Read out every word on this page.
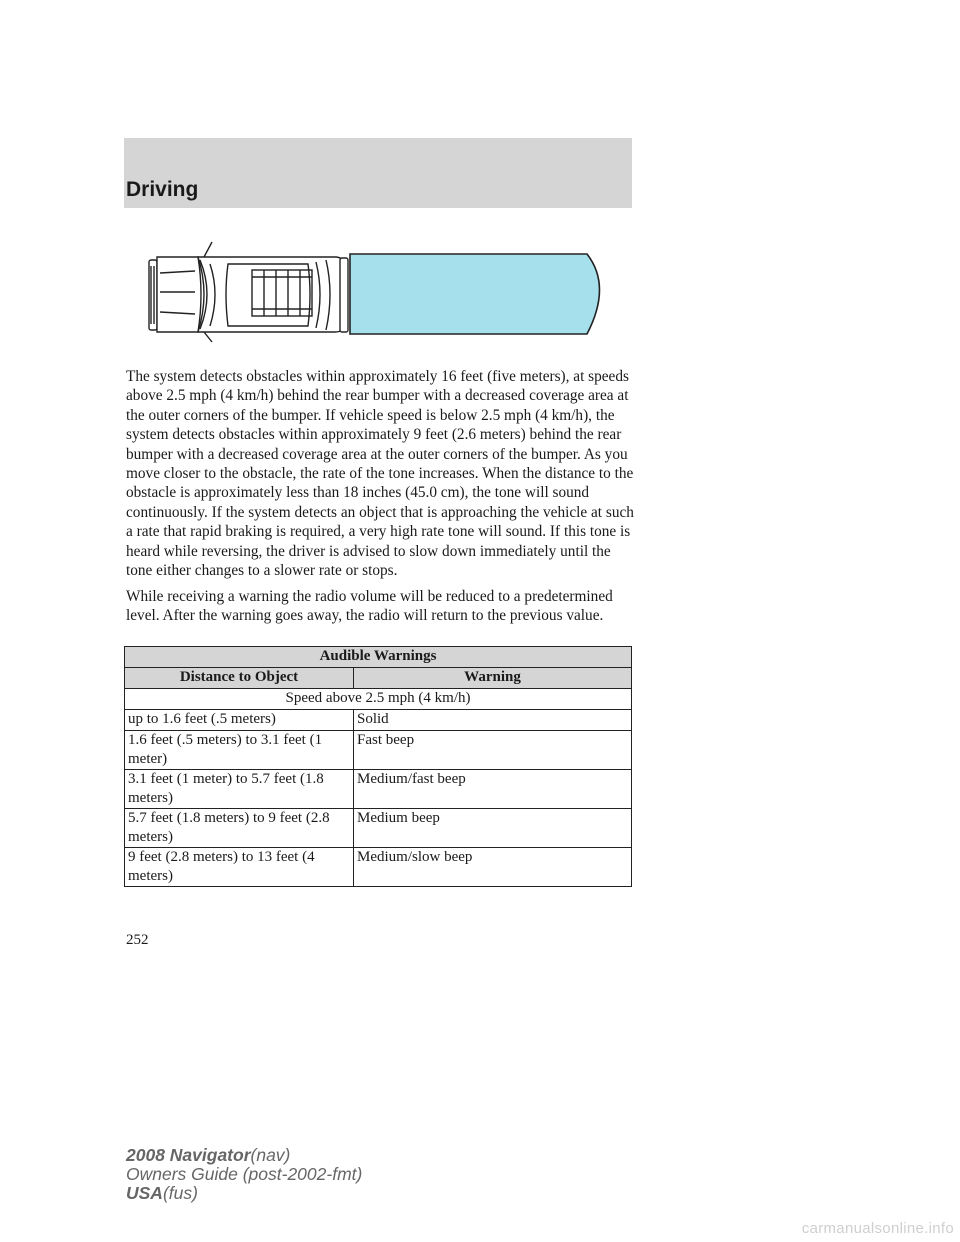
Driving

The system detects obstacles within approximately 16 feet (five meters), at speeds above 2.5 mph (4 km/h) behind the rear bumper with a decreased coverage area at the outer corners of the bumper. If vehicle speed is below 2.5 mph (4 km/h), the system detects obstacles within approximately 9 feet (2.6 meters) behind the rear bumper with a decreased coverage area at the outer corners of the bumper. As you move closer to the obstacle, the rate of the tone increases. When the distance to the obstacle is approximately less than 18 inches (45.0 cm), the tone will sound continuously. If the system detects an object that is approaching the vehicle at such a rate that rapid braking is required, a very high rate tone will sound. If this tone is heard while reversing, the driver is advised to slow down immediately until the tone either changes to a slower rate or stops.

While receiving a warning the radio volume will be reduced to a predetermined level. After the warning goes away, the radio will return to the previous value.

Audible Warnings	
Distance to Object	Warning
Speed above 2.5 mph (4 km/h)	
up to 1.6 feet (.5 meters)	Solid
1.6 feet (.5 meters) to 3.1 feet (1 meter)	Fast beep
3.1 feet (1 meter) to 5.7 feet (1.8 meters)	Medium/fast beep
5.7 feet (1.8 meters) to 9 feet (2.8 meters)	Medium beep
9 feet (2.8 meters) to 13 feet (4 meters)	Medium/slow beep
252
2008 Navigator(nav)
Owners Guide (post-2002-fmt)
USA(fus)
carmanualsonline.info
